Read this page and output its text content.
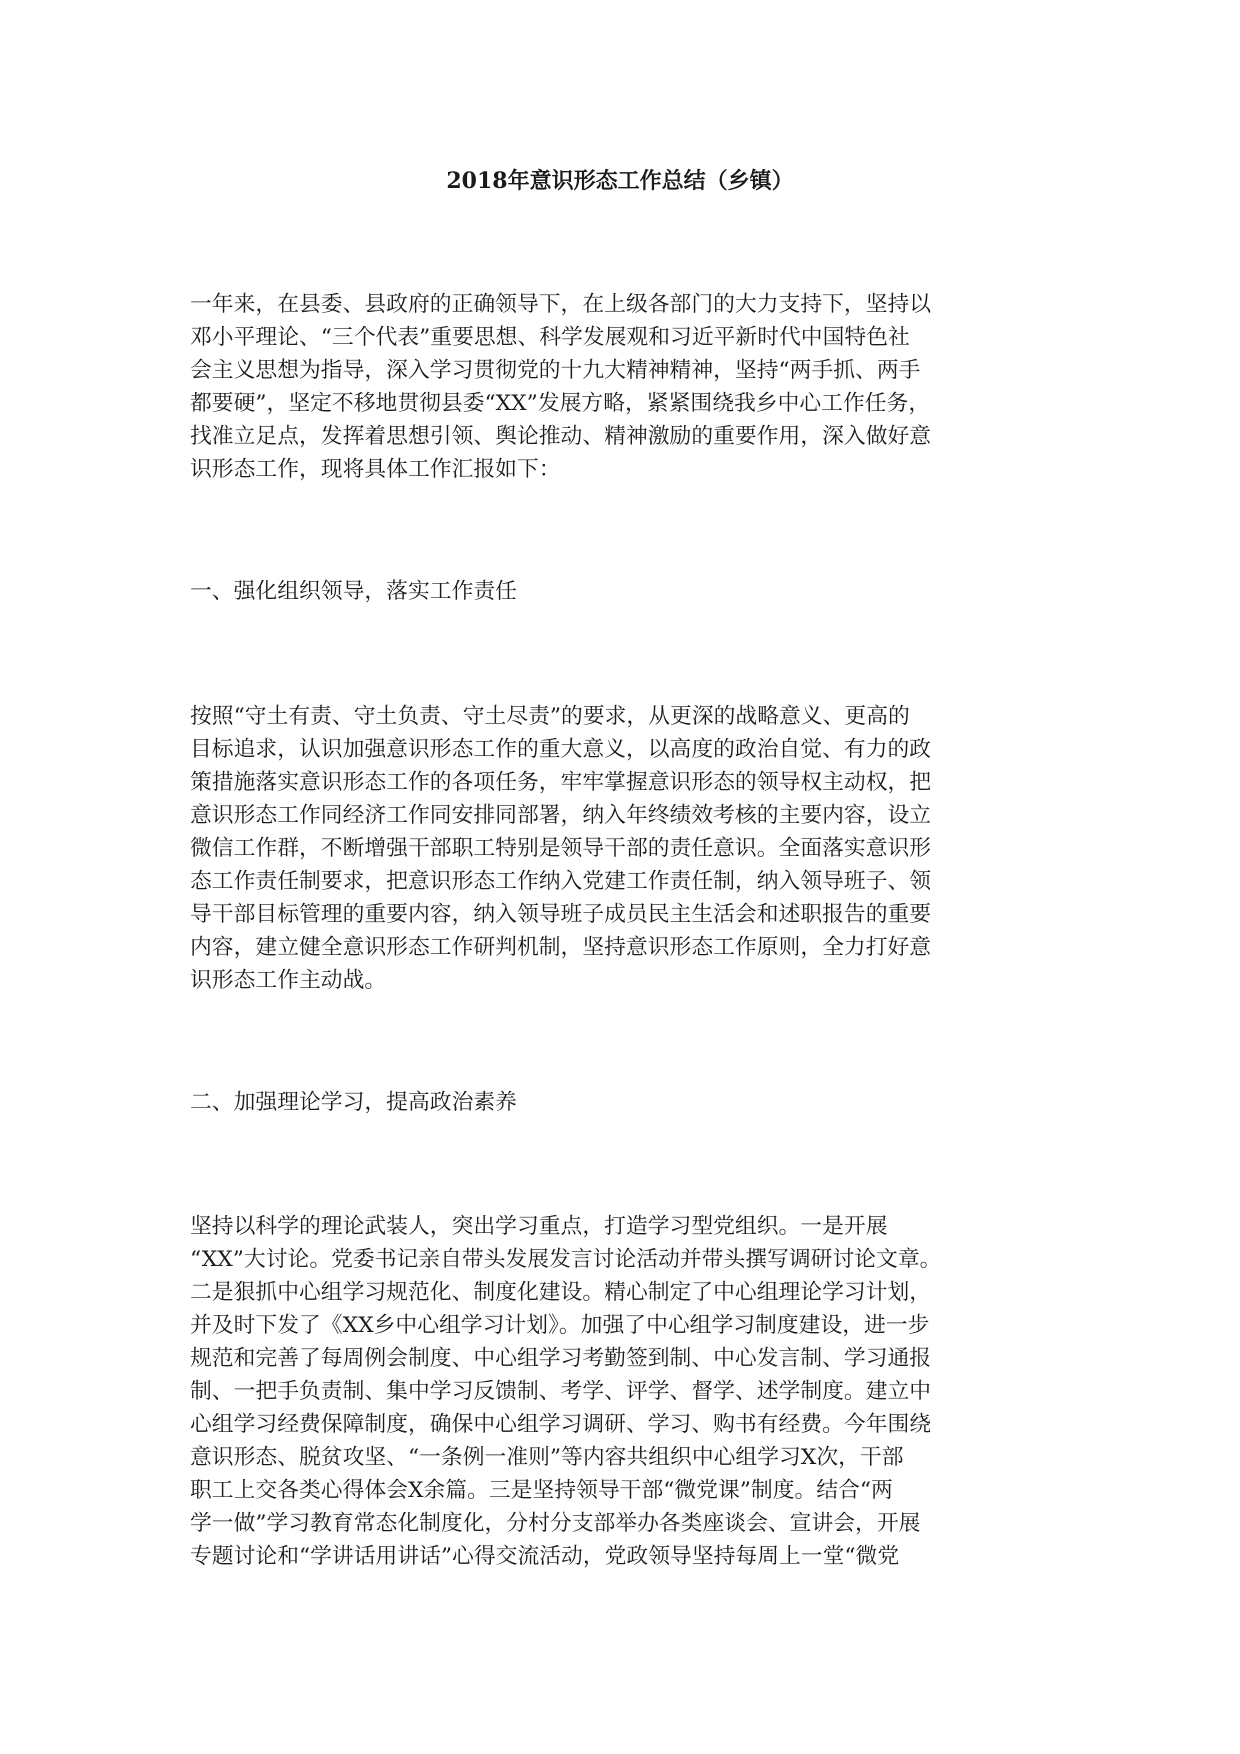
2018年意识形态工作总结（乡镇）

一年来，在县委、县政府的正确领导下，在上级各部门的大力支持下，坚持以
邓小平理论、“三个代表”重要思想、科学发展观和习近平新时代中国特色社
会主义思想为指导，深入学习贯彻党的十九大精神精神，坚持“两手抓、两手
都要硬”，坚定不移地贯彻县委“XX”发展方略，紧紧围绕我乡中心工作任务，
找准立足点，发挥着思想引领、舆论推动、精神激励的重要作用，深入做好意
识形态工作，现将具体工作汇报如下：

一、强化组织领导，落实工作责任

按照“守土有责、守土负责、守土尽责”的要求，从更深的战略意义、更高的
目标追求，认识加强意识形态工作的重大意义，以高度的政治自觉、有力的政
策措施落实意识形态工作的各项任务，牢牢掌握意识形态的领导权主动权，把
意识形态工作同经济工作同安排同部署，纳入年终绩效考核的主要内容，设立
微信工作群，不断增强干部职工特别是领导干部的责任意识。全面落实意识形
态工作责任制要求，把意识形态工作纳入党建工作责任制，纳入领导班子、领
导干部目标管理的重要内容，纳入领导班子成员民主生活会和述职报告的重要
内容，建立健全意识形态工作研判机制，坚持意识形态工作原则，全力打好意
识形态工作主动战。

二、加强理论学习，提高政治素养

坚持以科学的理论武装人，突出学习重点，打造学习型党组织。一是开展
“XX”大讨论。党委书记亲自带头发展发言讨论活动并带头撰写调研讨论文章。
二是狠抓中心组学习规范化、制度化建设。精心制定了中心组理论学习计划，
并及时下发了《XX乡中心组学习计划》。加强了中心组学习制度建设，进一步
规范和完善了每周例会制度、中心组学习考勤签到制、中心发言制、学习通报
制、一把手负责制、集中学习反馈制、考学、评学、督学、述学制度。建立中
心组学习经费保障制度，确保中心组学习调研、学习、购书有经费。今年围绕
意识形态、脱贫攻坚、“一条例一准则”等内容共组织中心组学习X次，干部
职工上交各类心得体会X余篇。三是坚持领导干部“微党课”制度。结合“两
学一做”学习教育常态化制度化，分村分支部举办各类座谈会、宣讲会，开展
专题讨论和“学讲话用讲话”心得交流活动，党政领导坚持每周上一堂“微党
